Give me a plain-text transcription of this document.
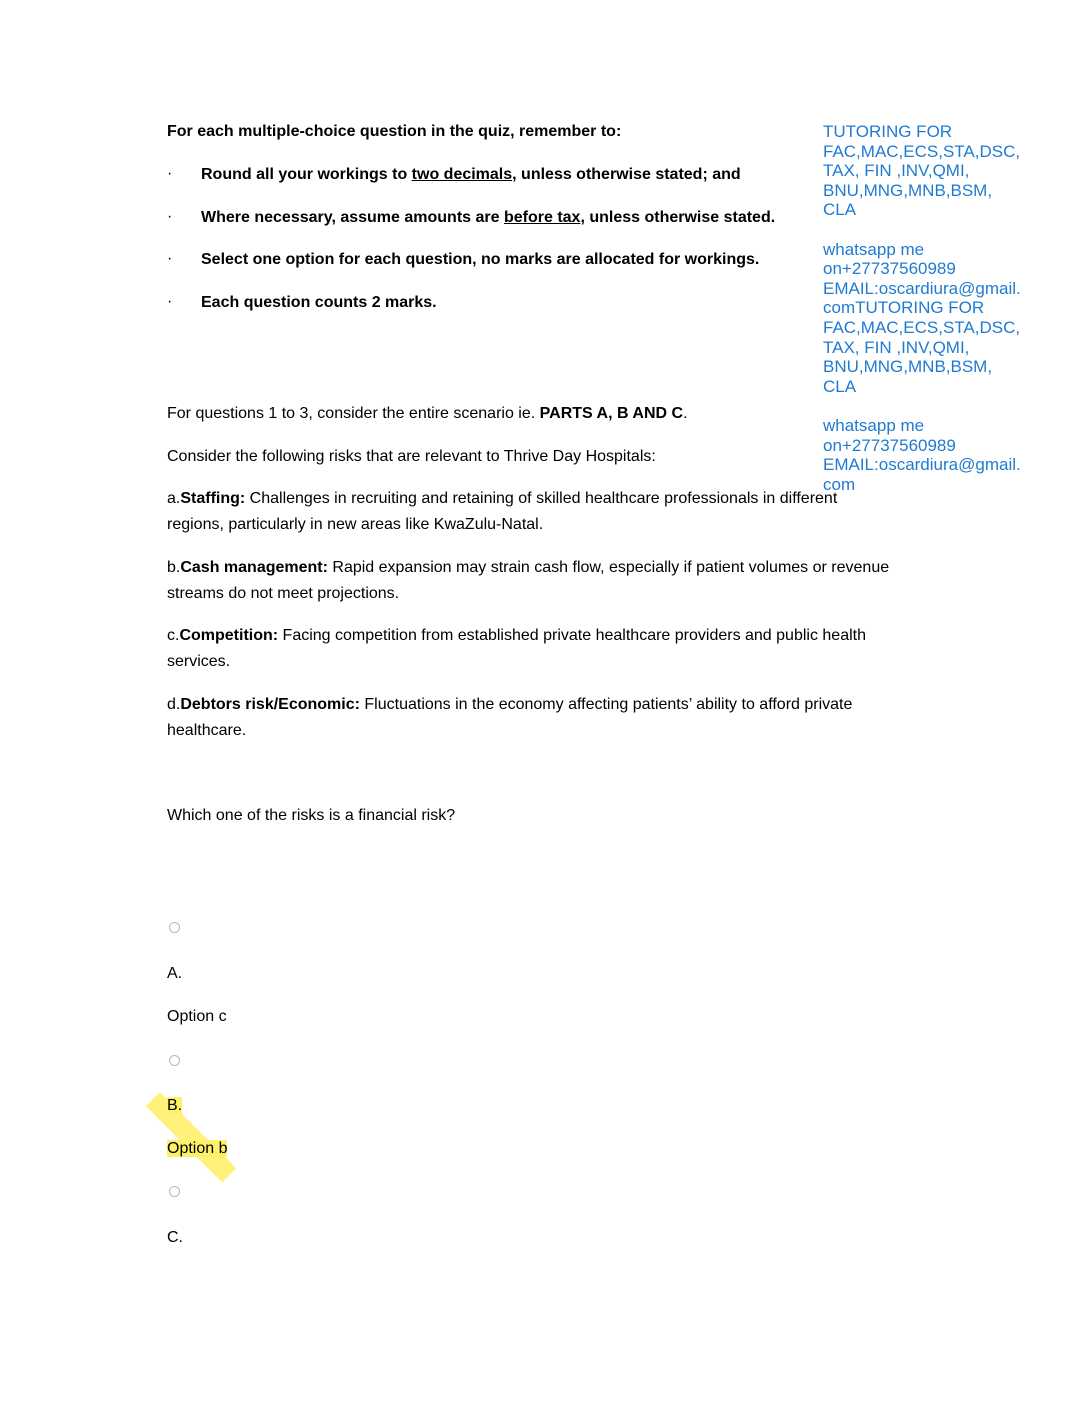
For each multiple-choice question in the quiz, remember to:
· Round all your workings to two decimals, unless otherwise stated; and
· Where necessary, assume amounts are before tax, unless otherwise stated.
· Select one option for each question, no marks are allocated for workings.
· Each question counts 2 marks.
TUTORING FOR
FAC,MAC,ECS,STA,DSC,
TAX, FIN ,INV,QMI,
BNU,MNG,MNB,BSM,
CLA

whatsapp me
on+27737560989
EMAIL:oscardiura@gmail.
comTUTORING FOR
FAC,MAC,ECS,STA,DSC,
TAX, FIN ,INV,QMI,
BNU,MNG,MNB,BSM,
CLA

whatsapp me
on+27737560989
EMAIL:oscardiura@gmail.
com
For questions 1 to 3, consider the entire scenario ie. PARTS A, B AND C.
Consider the following risks that are relevant to Thrive Day Hospitals:
a.Staffing: Challenges in recruiting and retaining of skilled healthcare professionals in different
regions, particularly in new areas like KwaZulu-Natal.
b.Cash management: Rapid expansion may strain cash flow, especially if patient volumes or revenue
streams do not meet projections.
c.Competition: Facing competition from established private healthcare providers and public health
services.
d.Debtors risk/Economic: Fluctuations in the economy affecting patients’ ability to afford private
healthcare.
Which one of the risks is a financial risk?
A.
Option c
B.
Option b
C.
